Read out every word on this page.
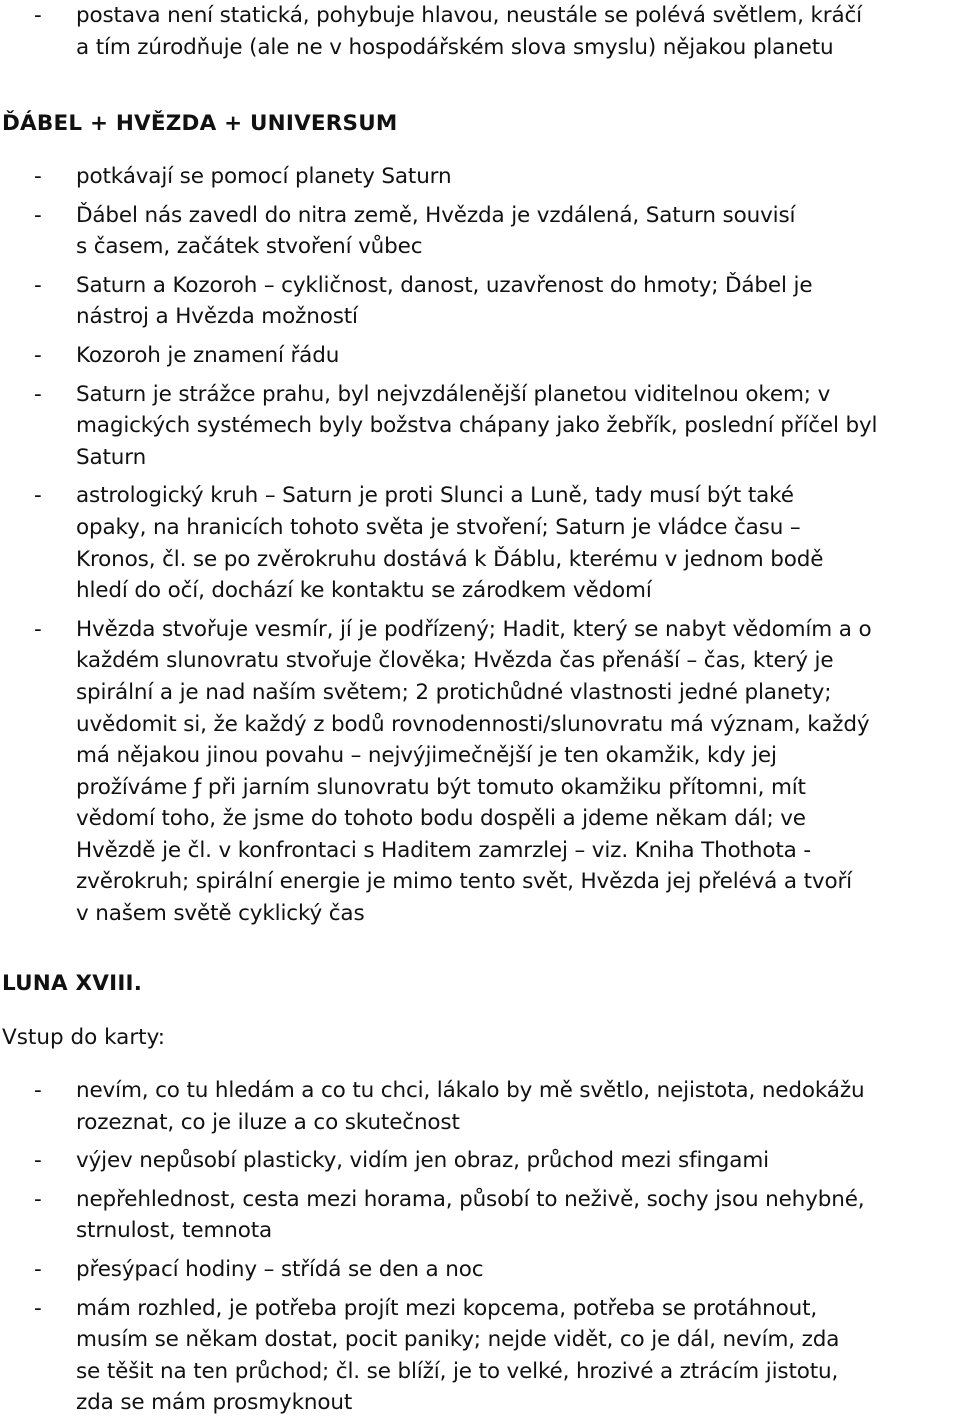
- postava není statická, pohybuje hlavou, neustále se polévá světlem, kráčí
a tím zúrodňuje (ale ne v hospodářském slova smyslu) nějakou planetu
ĎÁBEL + HVĚZDA + UNIVERSUM
- potkávají se pomocí planety Saturn
- Ďábel nás zavedl do nitra země, Hvězda je vzdálená, Saturn souvisí
s časem, začátek stvoření vůbec
- Saturn a Kozoroh – cykličnost, danost, uzavřenost do hmoty; Ďábel je
nástroj a Hvězda možností
- Kozoroh je znamení řádu
- Saturn je strážce prahu, byl nejvzdálenější planetou viditelnou okem; v
magických systémech byly božstva chápany jako žebřík, poslední příčel byl
Saturn
- astrologický kruh – Saturn je proti Slunci a Luně, tady musí být také
opaky, na hranicích tohoto světa je stvoření; Saturn je vládce času –
Kronos, čl. se po zvěrokruhu dostává k Ďáblu, kterému v jednom bodě
hledí do očí, dochází ke kontaktu se zárodkem vědomí
- Hvězda stvořuje vesmír, jí je podřízený; Hadit, který se nabyt vědomím a o
každém slunovratu stvořuje člověka; Hvězda čas přenáší – čas, který je
spirální a je nad naším světem; 2 protichůdné vlastnosti jedné planety;
uvědomit si, že každý z bodů rovnodennosti/slunovratu má význam, každý
má nějakou jinou povahu – nejvýjimečnější je ten okamžik, kdy jej
prožíváme ƒ při jarním slunovratu být tomuto okamžiku přítomni, mít
vědomí toho, že jsme do tohoto bodu dospěli a jdeme někam dál; ve
Hvězdě je čl. v konfrontaci s Haditem zamrzlej – viz. Kniha Thothota -
zvěrokruh; spirální energie je mimo tento svět, Hvězda jej přelévá a tvoří
v našem světě cyklický čas
LUNA XVIII.
Vstup do karty:
- nevím, co tu hledám a co tu chci, lákalo by mě světlo, nejistota, nedokážu
rozeznat, co je iluze a co skutečnost
- výjev nepůsobí plasticky, vidím jen obraz, průchod mezi sfingami
- nepřehlednost, cesta mezi horama, působí to neživě, sochy jsou nehybné,
strnulost, temnota
- přesýpací hodiny – střídá se den a noc
- mám rozhled, je potřeba projít mezi kopcema, potřeba se protáhnout,
musím se někam dostat, pocit paniky; nejde vidět, co je dál, nevím, zda
se těšit na ten průchod; čl. se blíží, je to velké, hrozivé a ztrácím jistotu,
zda se mám prosmyknout
